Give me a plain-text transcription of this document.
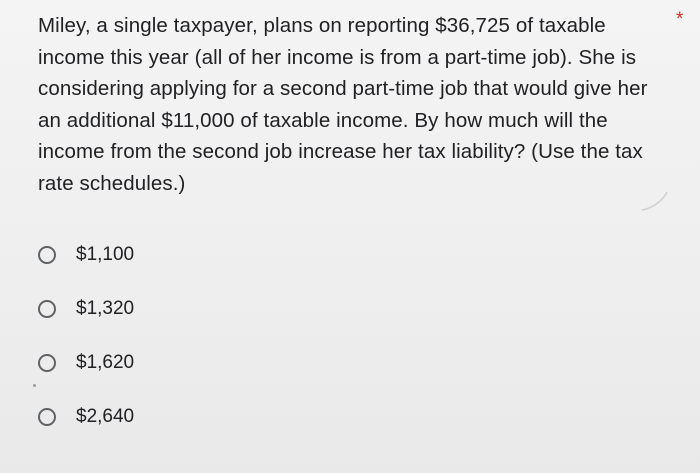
Miley, a single taxpayer, plans on reporting $36,725 of taxable income this year (all of her income is from a part-time job). She is considering applying for a second part-time job that would give her an additional $11,000 of taxable income. By how much will the income from the second job increase her tax liability? (Use the tax rate schedules.)

*
$1,100
$1,320
$1,620
$2,640
